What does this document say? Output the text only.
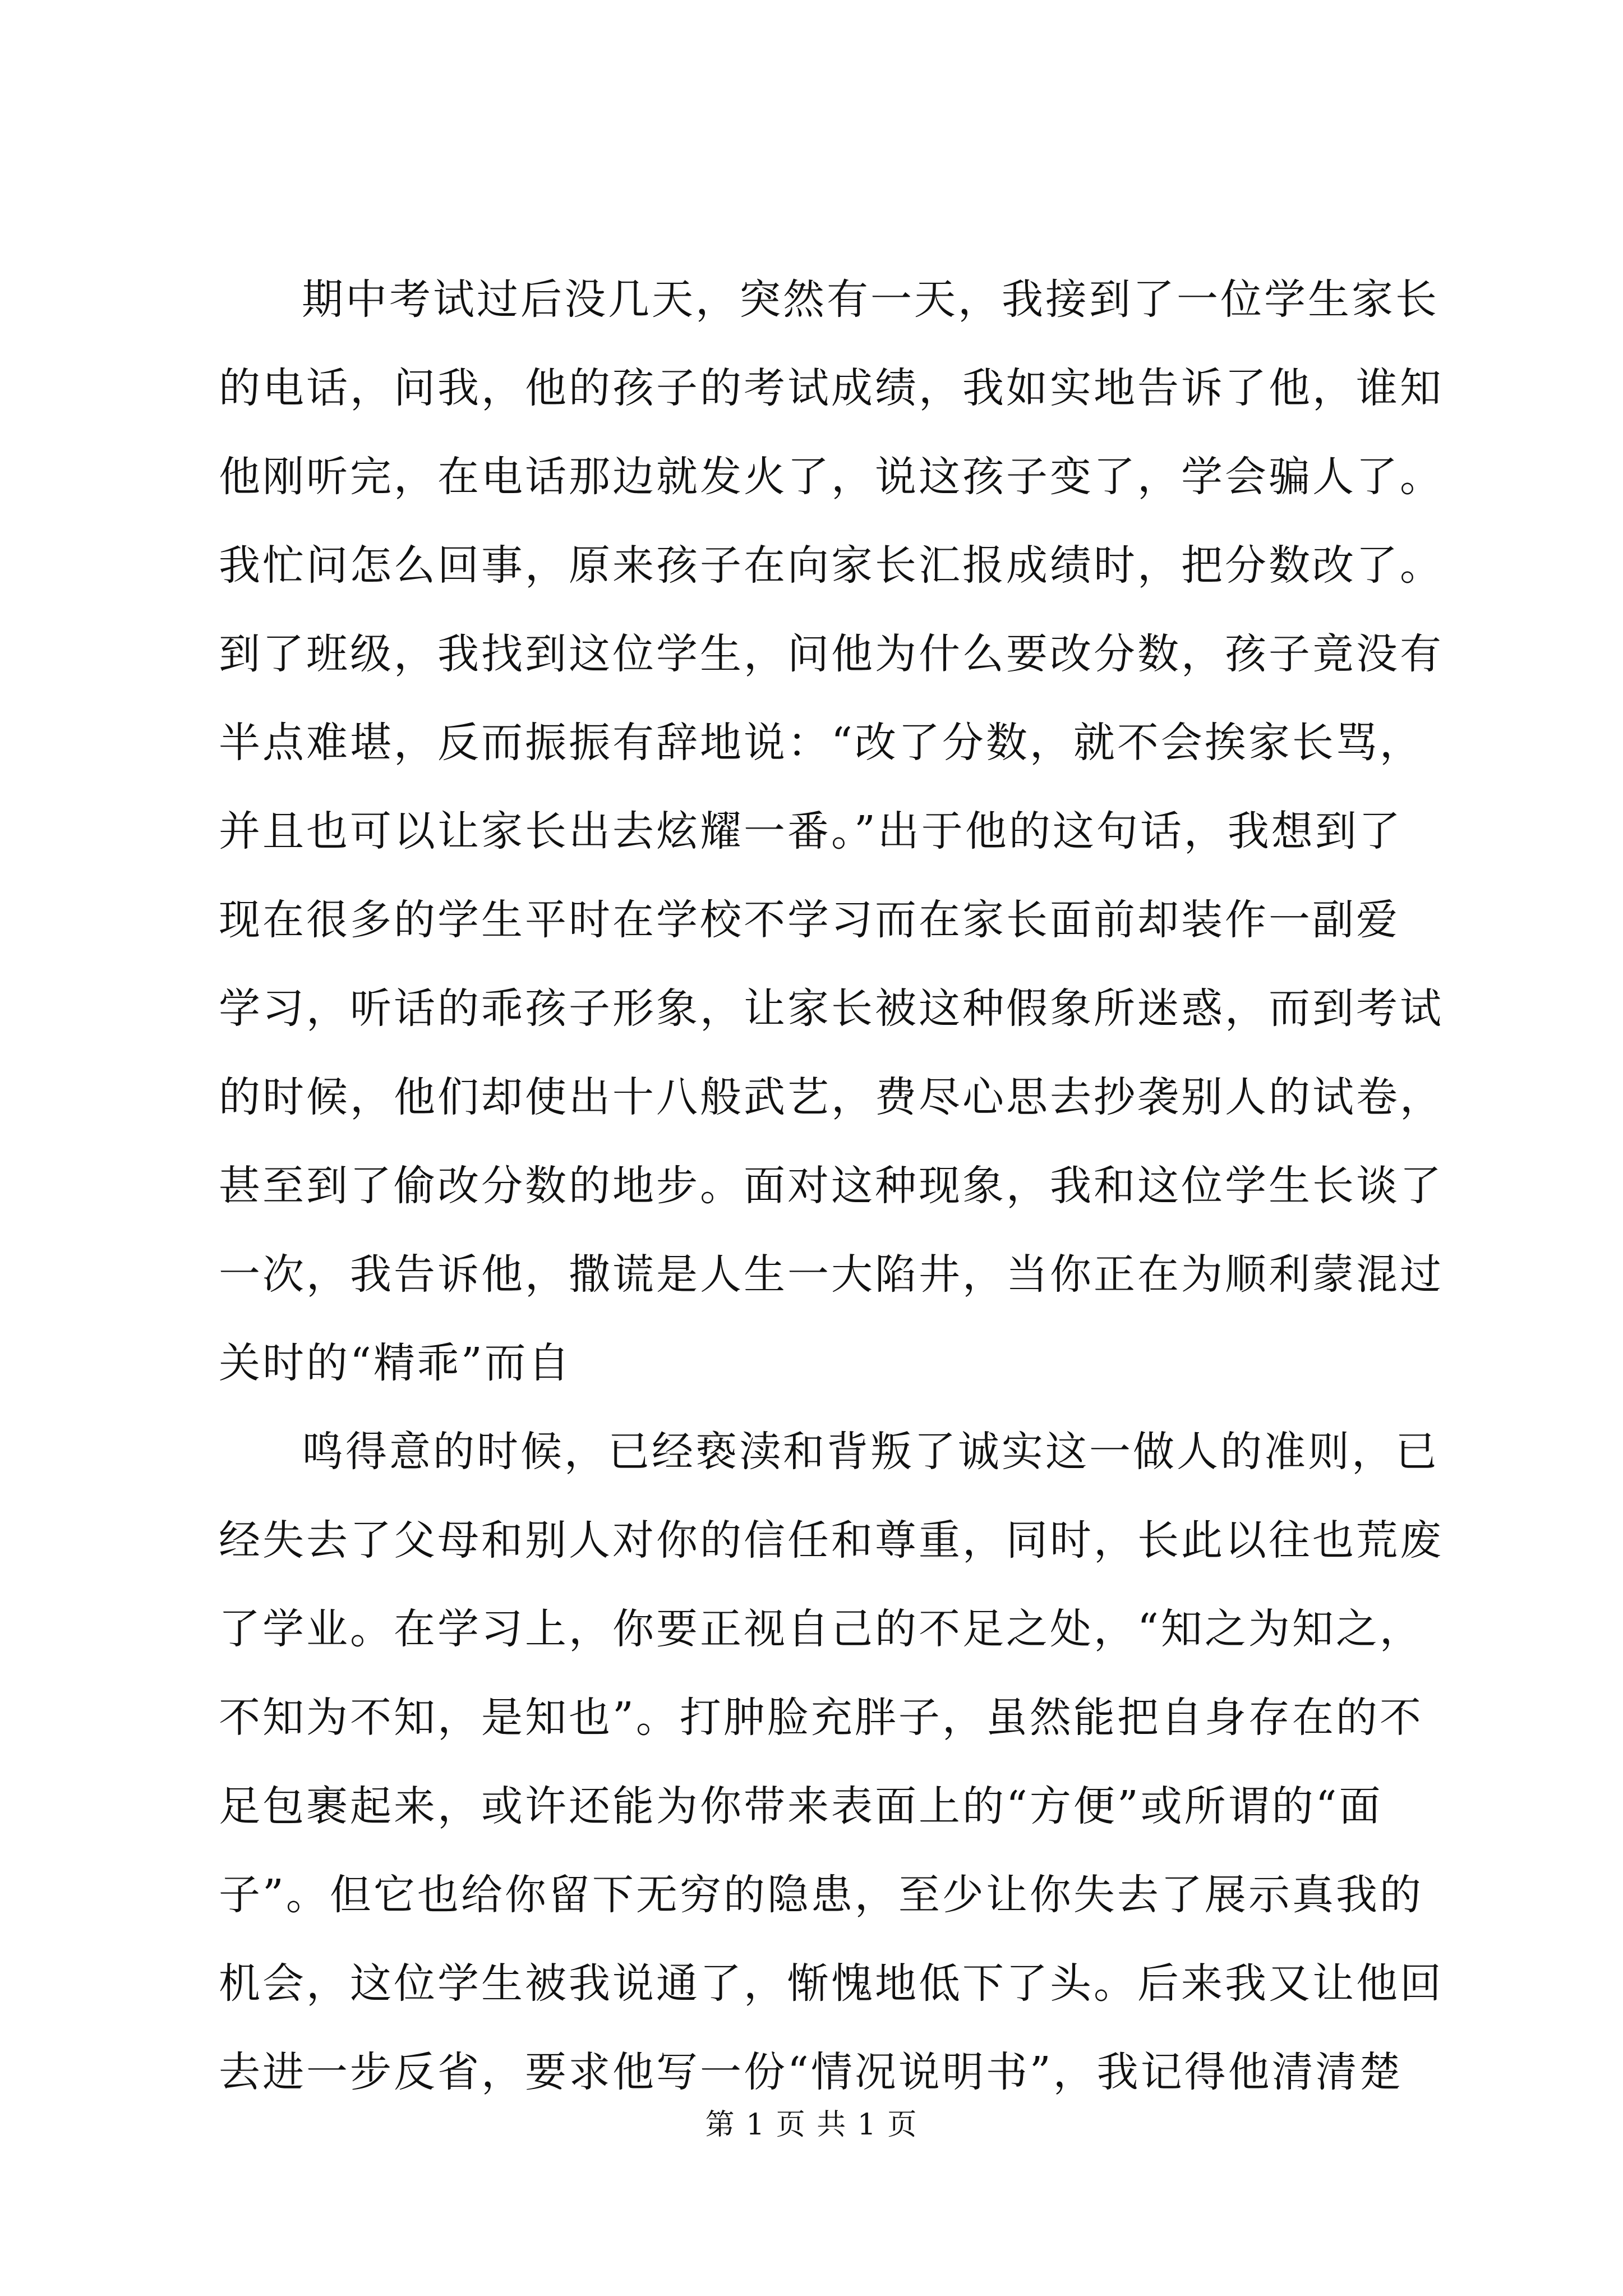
期中考试过后没几天，突然有一天，我接到了一位学生家长
的电话，问我，他的孩子的考试成绩，我如实地告诉了他，谁知
他刚听完，在电话那边就发火了，说这孩子变了，学会骗人了。
我忙问怎么回事，原来孩子在向家长汇报成绩时，把分数改了。
到了班级，我找到这位学生，问他为什么要改分数，孩子竟没有
半点难堪，反而振振有辞地说：“改了分数，就不会挨家长骂，
并且也可以让家长出去炫耀一番。”出于他的这句话，我想到了
现在很多的学生平时在学校不学习而在家长面前却装作一副爱
学习，听话的乖孩子形象，让家长被这种假象所迷惑，而到考试
的时候，他们却使出十八般武艺，费尽心思去抄袭别人的试卷，
甚至到了偷改分数的地步。面对这种现象，我和这位学生长谈了
一次，我告诉他，撒谎是人生一大陷井，当你正在为顺利蒙混过
关时的“精乖”而自
鸣得意的时候，已经亵渎和背叛了诚实这一做人的准则，已
经失去了父母和别人对你的信任和尊重，同时，长此以往也荒废
了学业。在学习上，你要正视自己的不足之处，“知之为知之，
不知为不知，是知也”。打肿脸充胖子，虽然能把自身存在的不
足包裹起来，或许还能为你带来表面上的“方便”或所谓的“面
子”。但它也给你留下无穷的隐患，至少让你失去了展示真我的
机会，这位学生被我说通了，惭愧地低下了头。后来我又让他回
去进一步反省，要求他写一份“情况说明书”，我记得他清清楚
第 1 页 共 1 页
